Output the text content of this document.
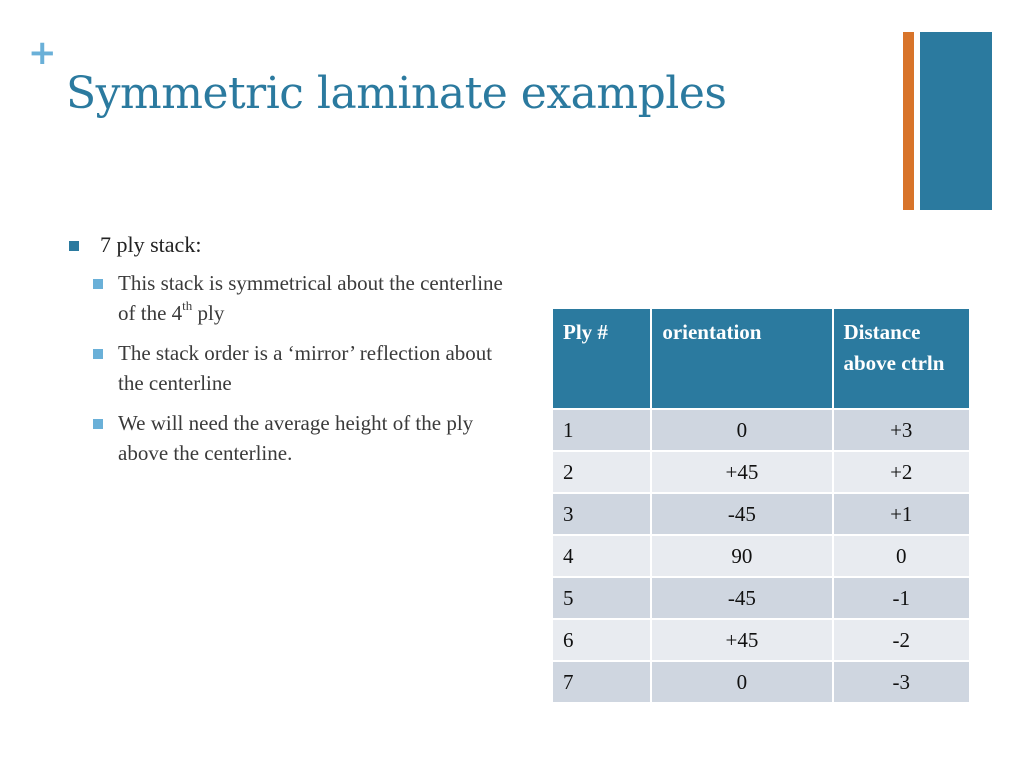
+
Symmetric laminate examples
7 ply stack:
This stack is symmetrical about the centerline of the 4th ply
The stack order is a ‘mirror’ reflection about the centerline
We will need the average height of the ply above the centerline.
Ply #	orientation	Distance above ctrln
1	0	+3
2	+45	+2
3	-45	+1
4	90	0
5	-45	-1
6	+45	-2
7	0	-3
